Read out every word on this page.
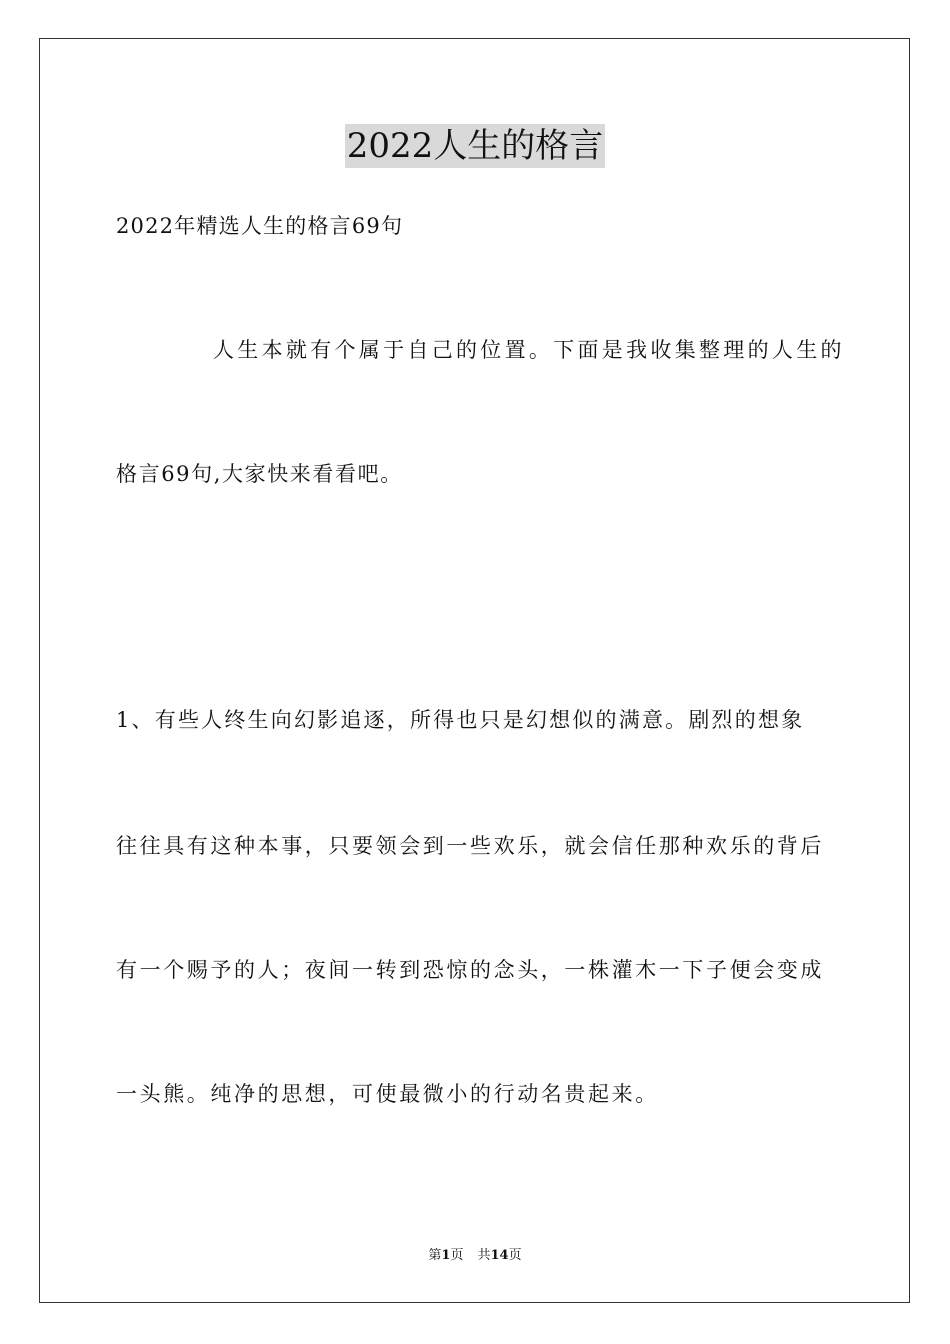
2022人生的格言
2022年精选人生的格言69句
人生本就有个属于自己的位置。下面是我收集整理的人生的
格言69句,大家快来看看吧。
1、有些人终生向幻影追逐，所得也只是幻想似的满意。剧烈的想象
往往具有这种本事，只要领会到一些欢乐，就会信任那种欢乐的背后
有一个赐予的人；夜间一转到恐惊的念头，一株灌木一下子便会变成
一头熊。纯净的思想，可使最微小的行动名贵起来。
第1页 共14页
